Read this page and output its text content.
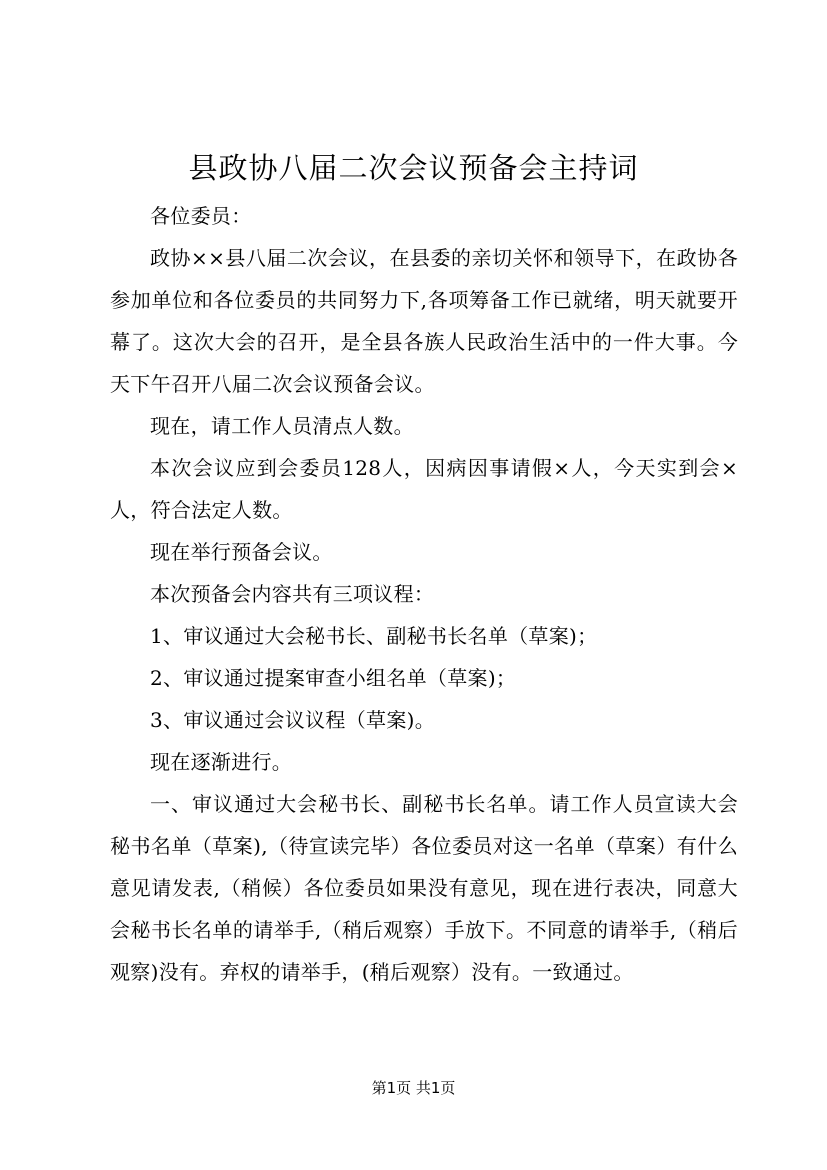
县政协八届二次会议预备会主持词

各位委员：

政协××县八届二次会议，在县委的亲切关怀和领导下，在政协各参加单位和各位委员的共同努力下,各项筹备工作已就绪，明天就要开幕了。这次大会的召开，是全县各族人民政治生活中的一件大事。今天下午召开八届二次会议预备会议。

现在，请工作人员清点人数。

本次会议应到会委员128人，因病因事请假×人，今天实到会×人，符合法定人数。

现在举行预备会议。

本次预备会内容共有三项议程：

1、审议通过大会秘书长、副秘书长名单（草案)；

2、审议通过提案审查小组名单（草案)；

3、审议通过会议议程（草案)。

现在逐渐进行。

一、审议通过大会秘书长、副秘书长名单。请工作人员宣读大会秘书名单（草案),（待宣读完毕）各位委员对这一名单（草案）有什么意见请发表,（稍候）各位委员如果没有意见，现在进行表决，同意大会秘书长名单的请举手,（稍后观察）手放下。不同意的请举手,（稍后观察)没有。弃权的请举手，(稍后观察）没有。一致通过。

第1页 共1页
